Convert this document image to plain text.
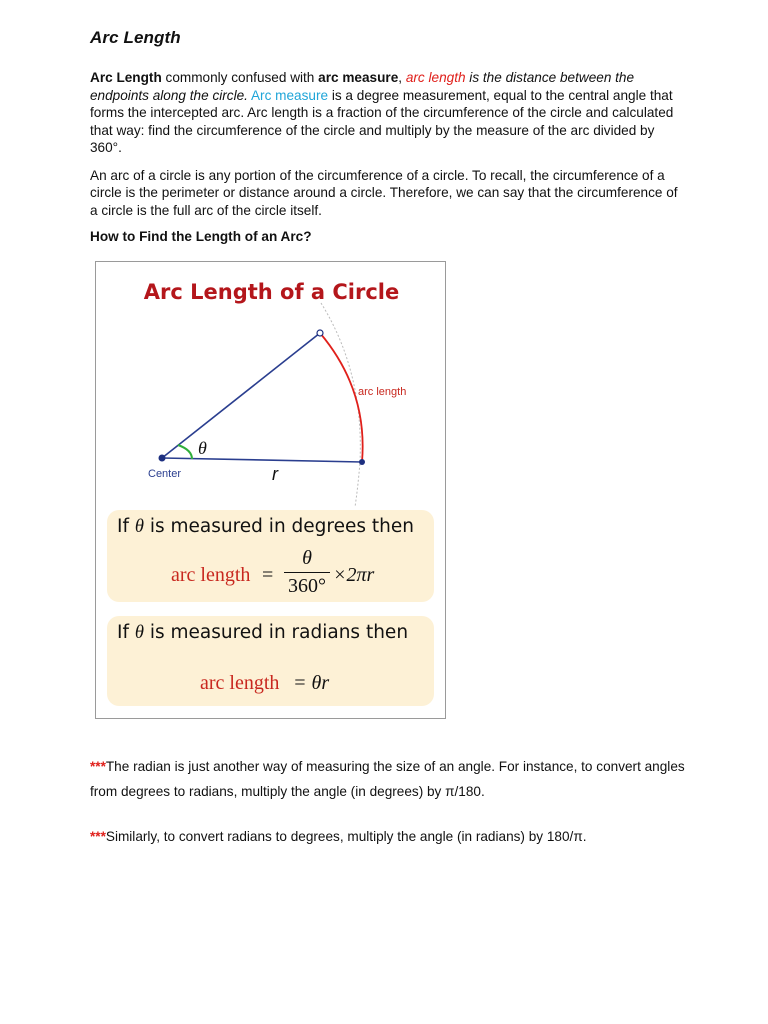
Arc Length

Arc Length commonly confused with arc measure, arc length is the distance between the endpoints along the circle. Arc measure is a degree measurement, equal to the central angle that forms the intercepted arc. Arc length is a fraction of the circumference of the circle and calculated that way: find the circumference of the circle and multiply by the measure of the arc divided by 360°.

An arc of a circle is any portion of the circumference of a circle. To recall, the circumference of a circle is the perimeter or distance around a circle. Therefore, we can say that the circumference of a circle is the full arc of the circle itself.

How to Find the Length of an Arc?

Arc Length of a Circle
arc length
Center
θ
r
If θ is measured in degrees then
arc length =
θ
360° ×2πr
If θ is measured in radians then
arc length = θr
***The radian is just another way of measuring the size of an angle. For instance, to convert angles from degrees to radians, multiply the angle (in degrees) by π/180.
***Similarly, to convert radians to degrees, multiply the angle (in radians) by 180/π.
